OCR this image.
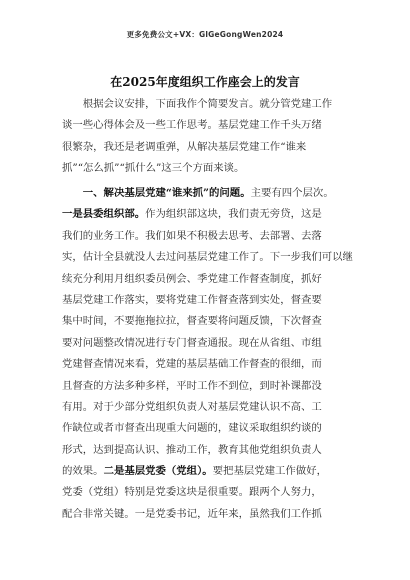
更多免费公文+VX：GlGeGongWen2024
在2025年度组织工作座会上的发言
　　根据会议安排，下面我作个简要发言。就分管党建工作
谈一些心得体会及一些工作思考。基层党建工作千头万绪
很繁杂，我还是老调重弹，从解决基层党建工作“谁来
抓”“怎么抓”“抓什么”这三个方面来谈。
　　一、解决基层党建“谁来抓”的问题。主要有四个层次。
一是县委组织部。作为组织部这块，我们责无旁贷，这是
我们的业务工作。我们如果不积极去思考、去部署、去落
实，估计全县就没人去过问基层党建工作了。下一步我们可以继
续充分利用月组织委员例会、季党建工作督查制度，抓好
基层党建工作落实，要将党建工作督查落到实处，督查要
集中时间，不要拖拖拉拉，督查要将问题反馈，下次督查
要对问题整改情况进行专门督查通报。现在从省组、市组
党建督查情况来看，党建的基层基础工作督查的很细，而
且督查的方法多种多样，平时工作不到位，到时补课都没
有用。对于少部分党组织负责人对基层党建认识不高、工
作缺位或者市督查出现重大问题的，建议采取组织约谈的
形式，达到提高认识、推动工作，教育其他党组织负责人
的效果。二是基层党委（党组）。要把基层党建工作做好，
党委（党组）特别是党委这块是很重要。跟两个人努力，
配合非常关键。一是党委书记，近年来，虽然我们工作抓
